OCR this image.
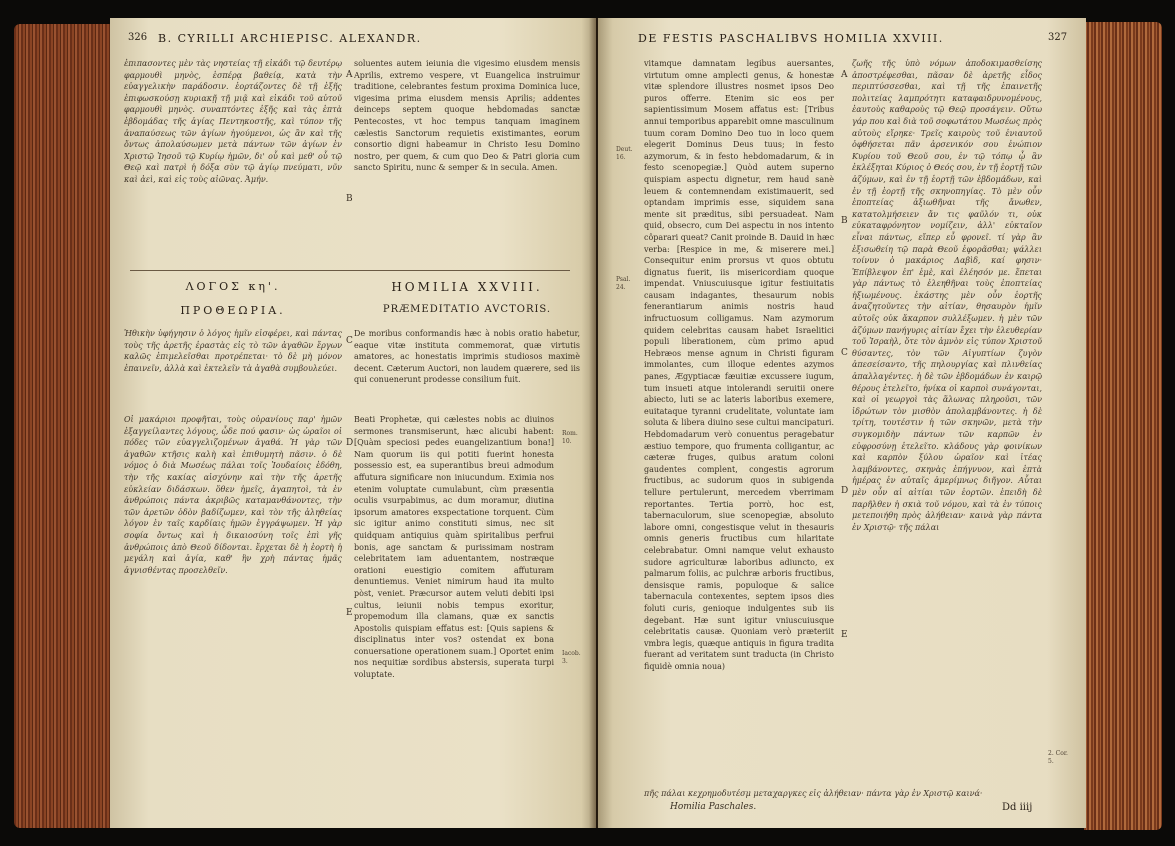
326 B. CYRILLI ARCHIEPISC. ALEXANDR.
ἐπιπασοντες μὲν τὰς νηστείας τῇ εἰκάδι τῷ δευτέρῳ φαρμουθὶ μηνὸς, ἑσπέρᾳ βαθείᾳ, κατὰ τὴν εὐαγγελικὴν παράδοσιν. ἑορτάζοντες δὲ τῇ ἑξῆς ἐπιφωσκούσῃ κυριακῇ τῇ μιᾷ καὶ εἰκάδι τοῦ αὐτοῦ φαρμουθὶ μηνὸς. συναπτόντες ἐξῆς καὶ τὰς ἑπτὰ ἑβδομάδας τῆς ἁγίας Πεντηκοστῆς, καὶ τύπον τῆς ἀναπαύσεως τῶν ἁγίων ἡγούμενοι, ὡς ἂν καὶ τῆς ὄντως ἀπολαύσωμεν μετὰ πάντων τῶν ἁγίων ἐν Χριστῷ Ἰησοῦ τῷ Κυρίῳ ἡμῶν, δι' οὗ καὶ μεθ' οὗ τῷ Θεῷ καὶ πατρὶ ἡ δόξα σὺν τῷ ἁγίῳ πνεύματι, νῦν καὶ ἀεὶ, καὶ εἰς τοὺς αἰῶνας. Ἀμήν.
soluentes autem ieiunia die vigesimo eiusdem mensis Aprilis, extremo vespere, vt Euangelica instruimur traditione, celebrantes festum proxima Dominica luce, vigesima prima eiusdem mensis Aprilis; addentes deinceps septem quoque hebdomadas sanctæ Pentecostes, vt hoc tempus tanquam imaginem cælestis Sanctorum requietis existimantes, eorum consortio digni habeamur in Christo Iesu Domino nostro, per quem, & cum quo Deo & Patri gloria cum sancto Spiritu, nunc & semper & in secula. Amen.
A
B
ΛΟΓΟΣ κη'.	HOMILIA XXVIII.
ΠΡΟΘΕΩΡΙΑ.	PRÆMEDITATIO AVCTORIS.
Ἠθικὴν ὑφήγησιν ὁ λόγος ἡμῖν εἰσφέρει, καὶ πάντας τοὺς τῆς ἀρετῆς ἐραστὰς εἰς τὸ τῶν ἀγαθῶν ἔργων καλῶς ἐπιμελεῖσθαι προτρέπεται· τὸ δὲ μὴ μόνον ἐπαινεῖν, ἀλλὰ καὶ ἐκτελεῖν τὰ ἀγαθὰ συμβουλεύει.
De moribus conformandis hæc à nobis oratio habetur, eaque vitæ instituta commemorat, quæ virtutis amatores, ac honestatis imprimis studiosos maximè decent. Cæterum Auctori, non laudem quærere, sed iis qui conuenerunt prodesse consilium fuit.
C
Οἱ μακάριοι προφῆται, τοὺς οὐρανίους παρ' ἡμῶν ἐξαγγείλαντες λόγους, ὧδε πού φασιν· ὡς ὡραῖοι οἱ πόδες τῶν εὐαγγελιζομένων ἀγαθά. Ἡ γὰρ τῶν ἀγαθῶν κτῆσις καλὴ καὶ ἐπιθυμητὴ πᾶσιν. ὁ δὲ νόμος ὁ διὰ Μωσέως πάλαι τοῖς Ἰουδαίοις ἐδόθη, τὴν τῆς κακίας αἰσχύνην καὶ τὴν τῆς ἀρετῆς εὐκλείαν διδάσκων. ὅθεν ἡμεῖς, ἀγαπητοὶ, τὰ ἐν ἀνθρώποις πάντα ἀκριβῶς καταμανθάνοντες, τὴν τῶν ἀρετῶν ὁδὸν βαδίζωμεν, καὶ τὸν τῆς ἀληθείας λόγον ἐν ταῖς καρδίαις ἡμῶν ἐγγράψωμεν. Ἡ γὰρ σοφία ὄντως καὶ ἡ δικαιοσύνη τοῖς ἐπὶ γῆς ἀνθρώποις ἀπὸ Θεοῦ δίδονται. ἔρχεται δὲ ἡ ἑορτὴ ἡ μεγάλη καὶ ἁγία, καθ' ἣν χρὴ πάντας ἡμᾶς ἁγνισθέντας προσελθεῖν.
Beati Prophetæ, qui cælestes nobis ac diuinos sermones transmiserunt, hæc alicubi habent: [Quàm speciosi pedes euangelizantium bona!] Nam quorum iis qui potiti fuerint honesta possessio est, ea superantibus breui admodum affutura significare non iniucundum. Eximia nos etenim voluptate cumulabunt, cùm præsentia oculis vsurpabimus, ac dum moramur, diutina ipsorum amatores exspectatione torquent. Cùm sic igitur animo constituti simus, nec sit quidquam antiquius quàm spiritalibus perfrui bonis, age sanctam & purissimam nostram celebritatem iam aduentantem, nostræque orationi euestigio comitem affuturam denuntiemus. Veniet nimirum haud ita multo pòst, veniet. Præcursor autem veluti debiti ipsi cultus, ieiunii nobis tempus exoritur, propemodum illa clamans, quæ ex sanctis Apostolis quispiam effatus est: [Quis sapiens & disciplinatus inter vos? ostendat ex bona conuersatione operationem suam.] Oportet enim nos nequitiæ sordibus abstersis, superata turpi voluptate.
D
E
Rom. 10.
Iacob. 3.
DE FESTIS PASCHALIBVS HOMILIA XXVIII.	327
vitamque damnatam legibus auersantes, virtutum omne amplecti genus, & honestæ vitæ splendore illustres nosmet ipsos Deo puros offerre. Etenim sic eos per sapientissimum Mosem affatus est: [Tribus annui temporibus apparebit omne masculinum tuum coram Domino Deo tuo in loco quem elegerit Dominus Deus tuus; in festo azymorum, & in festo hebdomadarum, & in festo scenopegiæ.] Quòd autem superno quispiam aspectu dignetur, rem haud sanè leuem & contemnendam existimauerit, sed optandam imprimis esse, siquidem sana mente sit præditus, sibi persuadeat. Nam quid, obsecro, cum Dei aspectu in nos intento côparari queat? Canit proinde B. Dauid in hæc verba: [Respice in me, & miserere mei.] Consequitur enim prorsus vt quos obtutu dignatus fuerit, iis misericordiam quoque impendat. Vniuscuiusque igitur festiuitatis causam indagantes, thesaurum nobis fenerantiarum animis nostris haud infructuosum colligamus. Nam azymorum quidem celebritas causam habet Israelitici populi liberationem, cùm primo apud Hebræos mense agnum in Christi figuram immolantes, cum illoque edentes azymos panes, Ægyptiacæ fæuitiæ excussere iugum, tum insueti atque intolerandi seruitii onere abiecto, luti se ac lateris laboribus exemere, euitataque tyranni crudelitate, voluntate iam soluta & libera diuino sese cultui mancipaturi. Hebdomadarum verò conuentus peragebatur æstiuo tempore, quo frumenta colligantur, ac cæteræ fruges, quibus aratum coloni gaudentes complent, congestis agrorum fructibus, ac sudorum quos in subigenda tellure pertulerunt, mercedem vberrimam reportantes. Tertia porrò, hoc est, tabernaculorum, siue scenopegiæ, absoluto labore omni, congestisque velut in thesauris omnis generis fructibus cum hilaritate celebrabatur. Omni namque velut exhausto sudore agriculturæ laboribus adiuncto, ex palmarum foliis, ac pulchræ arboris fructibus, densisque ramis, populoque & salice tabernacula contexentes, septem ipsos dies foluti curis, genioque indulgentes sub iis degebant. Hæ sunt igitur vniuscuiusque celebritatis causæ. Quoniam verò præteriit vmbra legis, quæque antiquis in figura tradita fuerant ad veritatem sunt traducta (in Christo fiquidè omnia noua)
ζωῆς τῆς ὑπὸ νόμων ἀποδοκιμασθείσης ἀποστρέφεσθαι, πᾶσαν δὲ ἀρετῆς εἶδος περιπτύσσεσθαι, καὶ τῇ τῆς ἐπαινετῆς πολιτείας λαμπρότητι καταφαιδρυνομένους, ἑαυτοὺς καθαροὺς τῷ Θεῷ προσάγειν. Οὕτω γάρ που καὶ διὰ τοῦ σοφωτάτου Μωσέως πρὸς αὐτοὺς εἴρηκε· Τρεῖς καιροὺς τοῦ ἐνιαυτοῦ ὀφθήσεται πᾶν ἀρσενικόν σου ἐνώπιον Κυρίου τοῦ Θεοῦ σου, ἐν τῷ τόπῳ ᾧ ἂν ἐκλέξηται Κύριος ὁ Θεός σου, ἐν τῇ ἑορτῇ τῶν ἀζύμων, καὶ ἐν τῇ ἑορτῇ τῶν ἑβδομάδων, καὶ ἐν τῇ ἑορτῇ τῆς σκηνοπηγίας. Τὸ μὲν οὖν ἐποπτείας ἀξιωθῆναι τῆς ἄνωθεν, κατατολμήσειεν ἄν τις φαῦλόν τι, οὐκ εὐκαταφρόνητον νομίζειν, ἀλλ' εὐκταῖον εἶναι πάντως, εἴπερ εὖ φρονεῖ. τί γὰρ ἂν ἐξισωθείη τῷ παρὰ Θεοῦ ἐφορᾶσθαι; ψάλλει τοίνυν ὁ μακάριος Δαβὶδ, καί φησιν· Ἐπίβλεψον ἐπ' ἐμὲ, καὶ ἐλέησόν με. ἕπεται γὰρ πάντως τὸ ἐλεηθῆναι τοὺς ἐποπτείας ἠξιωμένους. ἑκάστης μὲν οὖν ἑορτῆς ἀναζητοῦντες τὴν αἰτίαν, θησαυρὸν ἡμῖν αὐτοῖς οὐκ ἄκαρπον συλλέξωμεν. ἡ μὲν τῶν ἀζύμων πανήγυρις αἰτίαν ἔχει τὴν ἐλευθερίαν τοῦ Ἰσραὴλ, ὅτε τὸν ἀμνὸν εἰς τύπον Χριστοῦ θύσαντες, τὸν τῶν Αἰγυπτίων ζυγὸν ἀπεσείσαντο, τῆς πηλουργίας καὶ πλινθείας ἀπαλλαγέντες. ἡ δὲ τῶν ἑβδομάδων ἐν καιρῷ θέρους ἐτελεῖτο, ἡνίκα οἱ καρποὶ συνάγονται, καὶ οἱ γεωργοὶ τὰς ἅλωνας πληροῦσι, τῶν ἱδρώτων τὸν μισθὸν ἀπολαμβάνοντες. ἡ δὲ τρίτη, τουτέστιν ἡ τῶν σκηνῶν, μετὰ τὴν συγκομιδὴν πάντων τῶν καρπῶν ἐν εὐφροσύνῃ ἐτελεῖτο. κλάδους γὰρ φοινίκων καὶ καρπὸν ξύλου ὡραῖον καὶ ἰτέας λαμβάνοντες, σκηνὰς ἐπήγνυον, καὶ ἑπτὰ ἡμέρας ἐν αὐταῖς ἀμερίμνως διῆγον. Αὗται μὲν οὖν αἱ αἰτίαι τῶν ἑορτῶν. ἐπειδὴ δὲ παρῆλθεν ἡ σκιὰ τοῦ νόμου, καὶ τὰ ἐν τύποις μετεποιήθη πρὸς ἀλήθειαν· καινὰ γὰρ πάντα ἐν Χριστῷ· τῆς πάλαι
A
B
C
D
E
Deut. 16.
Psal. 24.
2. Cor. 5.
πῆς πάλαι κεχρημοδυτέσμ μεταχαργκες εἰς ἀλήθειαν· πάντα γὰρ ἐν Χριστῷ καινά·
Homilia Paschales.	Dd iiij
